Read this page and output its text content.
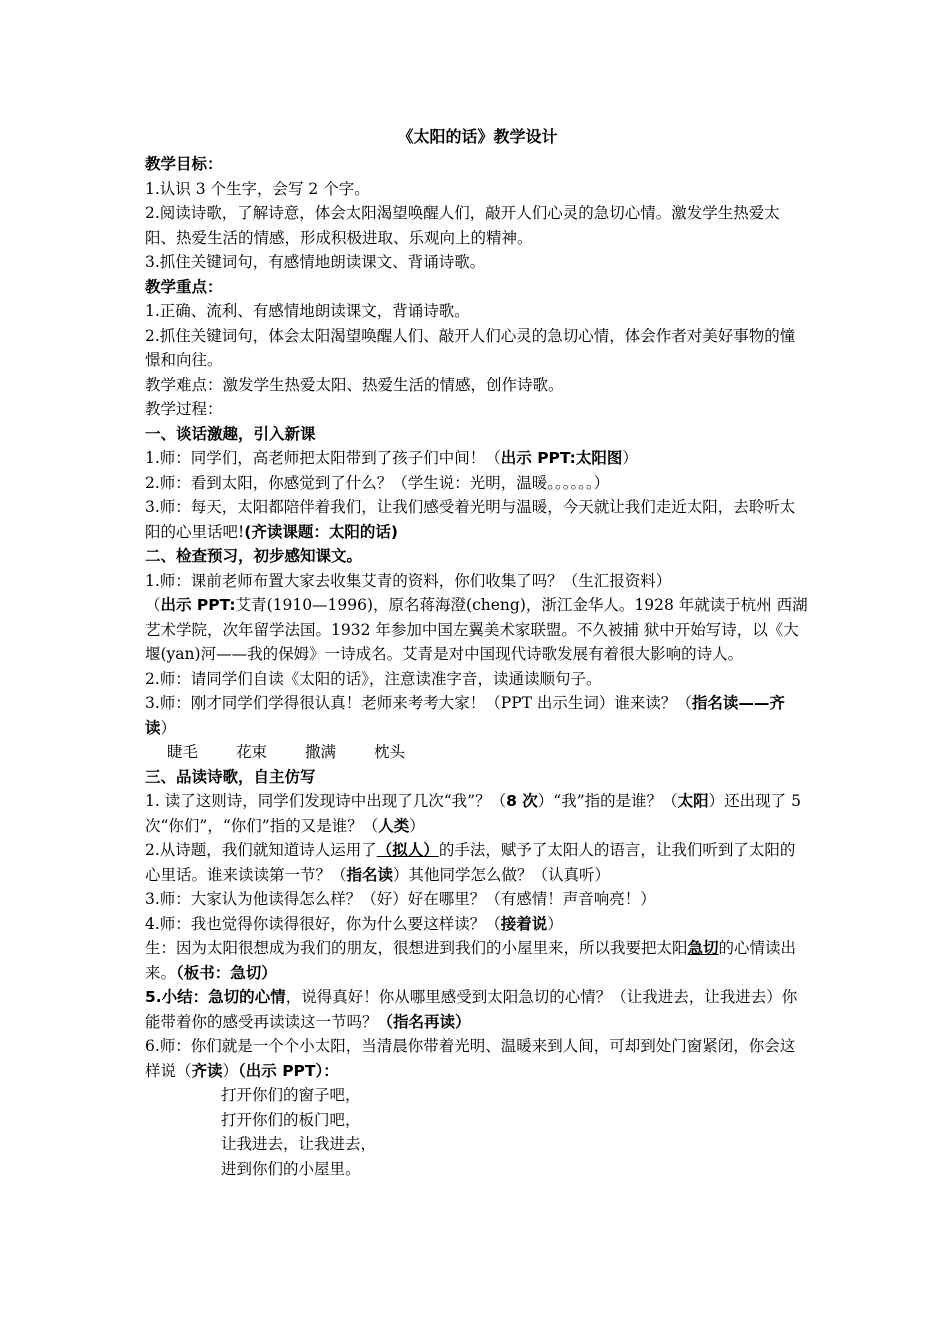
《太阳的话》教学设计
教学目标：
1.认识 3 个生字，会写 2 个字。
2.阅读诗歌，了解诗意，体会太阳渴望唤醒人们，敲开人们心灵的急切心情。激发学生热爱太阳、热爱生活的情感，形成积极进取、乐观向上的精神。
3.抓住关键词句，有感情地朗读课文、背诵诗歌。
教学重点：
1.正确、流利、有感情地朗读课文，背诵诗歌。
2.抓住关键词句，体会太阳渴望唤醒人们、敲开人们心灵的急切心情，体会作者对美好事物的憧憬和向往。
教学难点：激发学生热爱太阳、热爱生活的情感，创作诗歌。
教学过程：
一、谈话激趣，引入新课
1.师：同学们，高老师把太阳带到了孩子们中间！（出示 PPT:太阳图）
2.师：看到太阳，你感觉到了什么？（学生说：光明，温暖。。。。。。）
3.师：每天，太阳都陪伴着我们，让我们感受着光明与温暖，今天就让我们走近太阳，去聆听太阳的心里话吧!(齐读课题：太阳的话)
二、检查预习，初步感知课文。
1.师：课前老师布置大家去收集艾青的资料，你们收集了吗？（生汇报资料）
（出示 PPT:艾青(1910—1996)，原名蒋海澄(cheng)，浙江金华人。1928 年就读于杭州 西湖艺术学院，次年留学法国。1932 年参加中国左翼美术家联盟。不久被捕 狱中开始写诗，以《大堰(yan)河——我的保姆》一诗成名。艾青是对中国现代诗歌发展有着很大影响的诗人。
2.师：请同学们自读《太阳的话》，注意读准字音，读通读顺句子。
3.师：刚才同学们学得很认真！老师来考考大家！（PPT 出示生词）谁来读？（指名读——齐读）
睫毛 花束 撒满 枕头
三、品读诗歌，自主仿写
1. 读了这则诗，同学们发现诗中出现了几次“我”？（8 次）“我”指的是谁？（太阳）还出现了 5 次“你们”，“你们”指的又是谁？（人类）
2.从诗题，我们就知道诗人运用了（拟人）的手法，赋予了太阳人的语言，让我们听到了太阳的心里话。谁来读读第一节？（指名读）其他同学怎么做？（认真听）
3.师：大家认为他读得怎么样？（好）好在哪里？（有感情！声音响亮！）
4.师：我也觉得你读得很好，你为什么要这样读？（接着说）
生：因为太阳很想成为我们的朋友，很想进到我们的小屋里来，所以我要把太阳急切的心情读出来。（板书：急切）
5.小结：急切的心情，说得真好！你从哪里感受到太阳急切的心情？（让我进去，让我进去）你能带着你的感受再读读这一节吗？（指名再读）
6.师：你们就是一个个小太阳，当清晨你带着光明、温暖来到人间，可却到处门窗紧闭，你会这样说（齐读）（出示 PPT）：
打开你们的窗子吧，
打开你们的板门吧，
让我进去，让我进去，
进到你们的小屋里。
